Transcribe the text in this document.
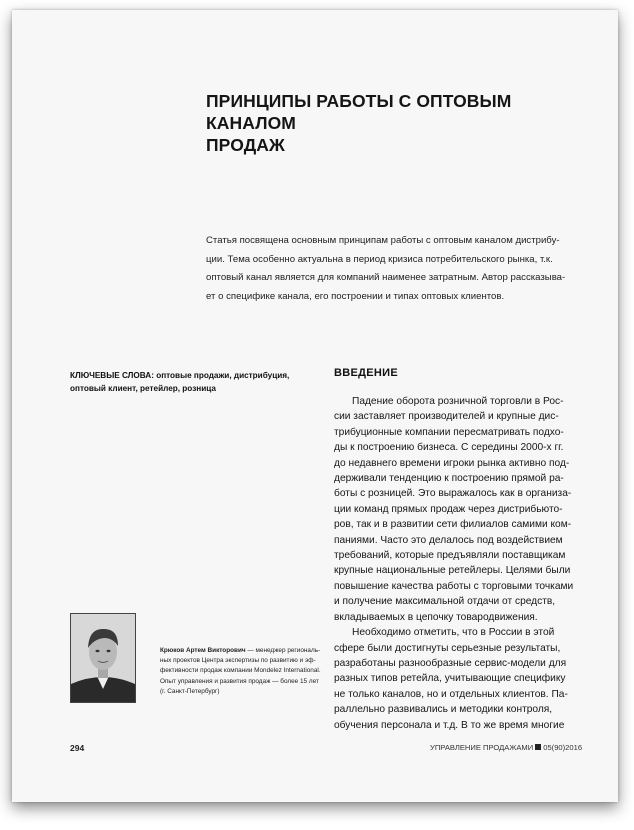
ПРИНЦИПЫ РАБОТЫ С ОПТОВЫМ КАНАЛОМ
ПРОДАЖ
Статья посвящена основным принципам работы с оптовым каналом дистрибу-
ции. Тема особенно актуальна в период кризиса потребительского рынка, т.к.
оптовый канал является для компаний наименее затратным. Автор рассказыва-
ет о специфике канала, его построении и типах оптовых клиентов.
КЛЮЧЕВЫЕ СЛОВА: оптовые продажи, дистрибуция, оптовый клиент, ретейлер, розница
ВВЕДЕНИЕ
Падение оборота розничной торговли в Рос-
сии заставляет производителей и крупные дис-
трибуционные компании пересматривать подхо-
ды к построению бизнеса. С середины 2000-х гг.
до недавнего времени игроки рынка активно под-
держивали тенденцию к построению прямой ра-
боты с розницей. Это выражалось как в организа-
ции команд прямых продаж через дистрибьюто-
ров, так и в развитии сети филиалов самими ком-
паниями. Часто это делалось под воздействием
требований, которые предъявляли поставщикам
крупные национальные ретейлеры. Целями были
повышение качества работы с торговыми точками
и получение максимальной отдачи от средств,
вкладываемых в цепочку товародвижения.
Необходимо отметить, что в России в этой
сфере были достигнуты серьезные результаты,
разработаны разнообразные сервис-модели для
разных типов ретейла, учитывающие специфику
не только каналов, но и отдельных клиентов. Па-
раллельно развивались и методики контроля,
обучения персонала и т.д. В то же время многие
Крюков Артем Викторович — менеджер региональ-
ных проектов Центра экспертизы по развитию и эф-
фективности продаж компании Mondelez International.
Опыт управления и развития продаж — более 15 лет
(г. Санкт-Петербург)
294	УПРАВЛЕНИЕ ПРОДАЖАМИ 05(90)2016
